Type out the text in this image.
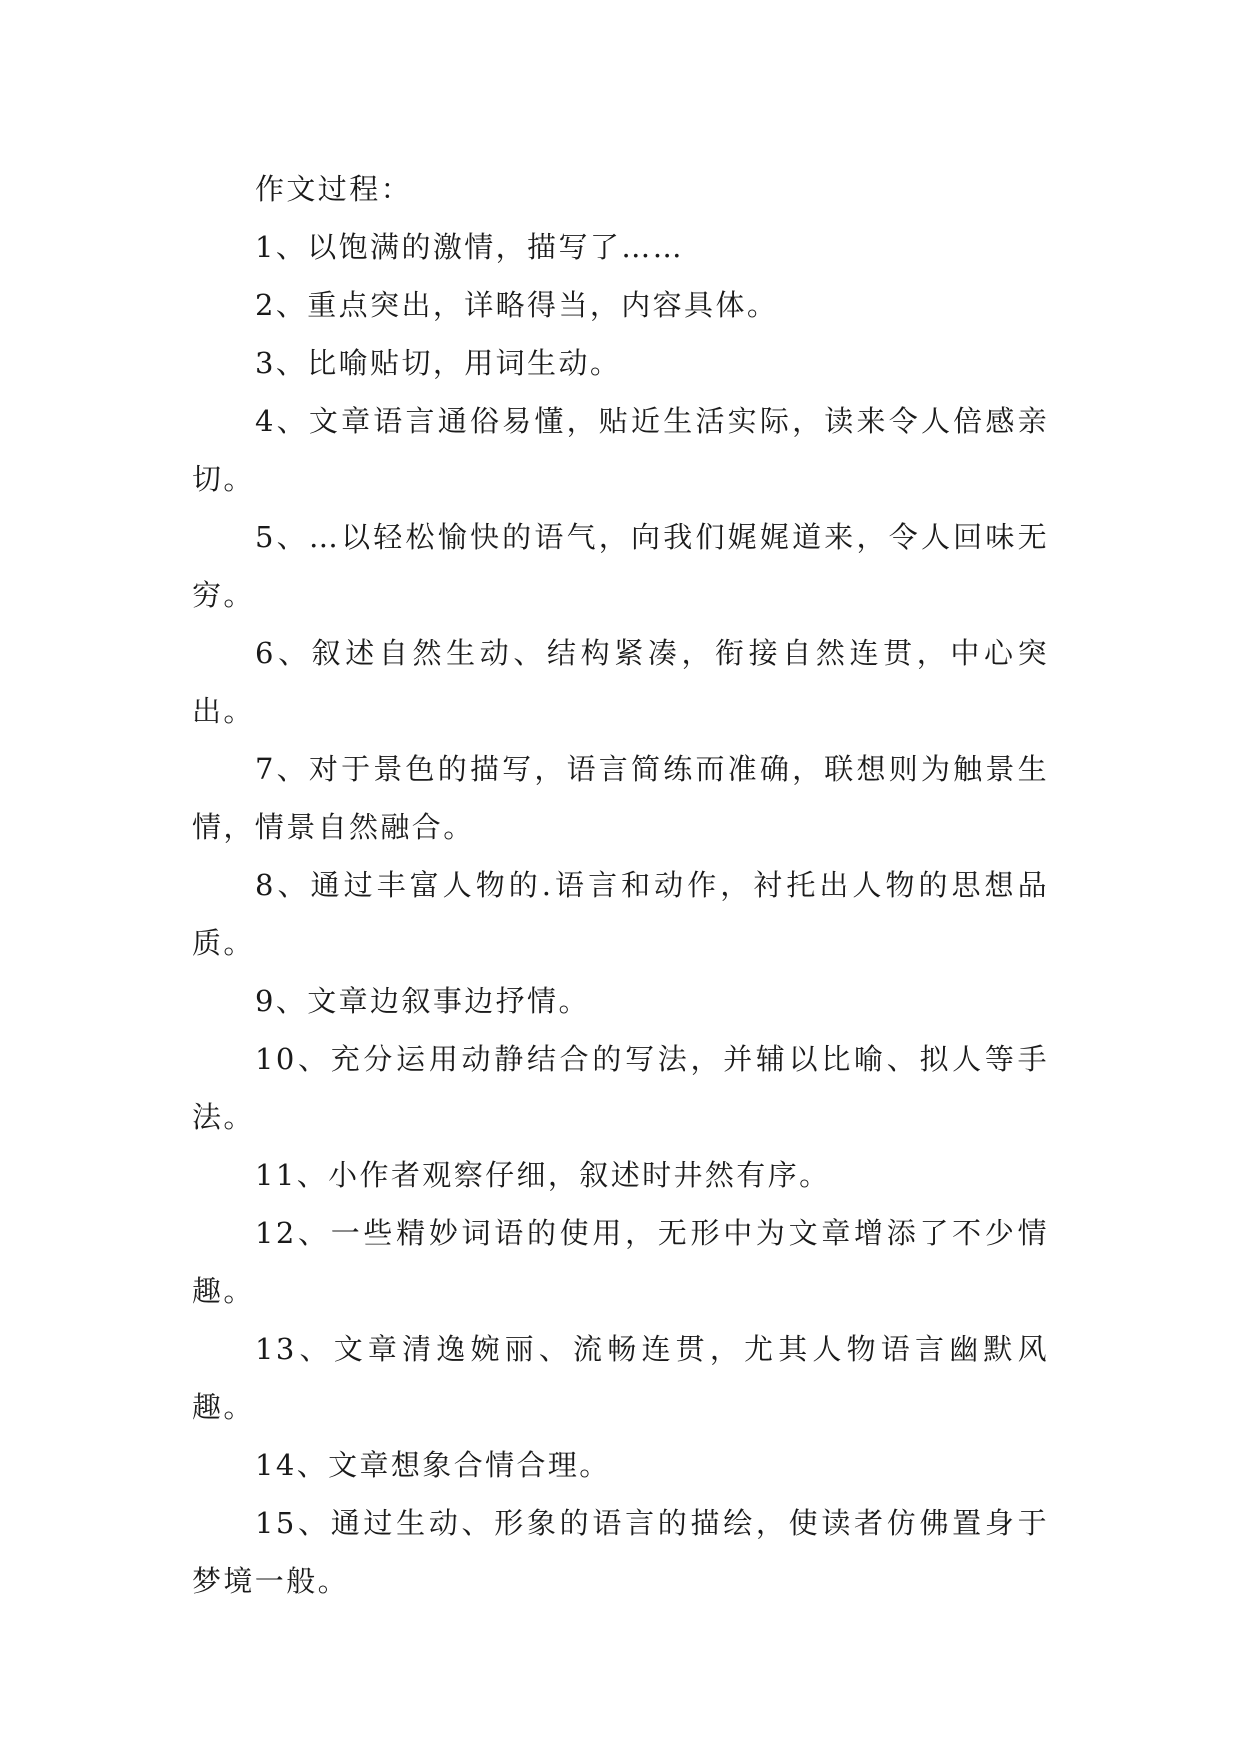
作文过程：

1、以饱满的激情，描写了……

2、重点突出，详略得当，内容具体。

3、比喻贴切，用词生动。

4、文章语言通俗易懂，贴近生活实际，读来令人倍感亲切。

5、…以轻松愉快的语气，向我们娓娓道来，令人回味无穷。

6、叙述自然生动、结构紧凑，衔接自然连贯，中心突出。

7、对于景色的描写，语言简练而准确，联想则为触景生情，情景自然融合。

8、通过丰富人物的.语言和动作，衬托出人物的思想品质。

9、文章边叙事边抒情。

10、充分运用动静结合的写法，并辅以比喻、拟人等手法。

11、小作者观察仔细，叙述时井然有序。

12、一些精妙词语的使用，无形中为文章增添了不少情趣。

13、文章清逸婉丽、流畅连贯，尤其人物语言幽默风趣。

14、文章想象合情合理。

15、通过生动、形象的语言的描绘，使读者仿佛置身于梦境一般。
